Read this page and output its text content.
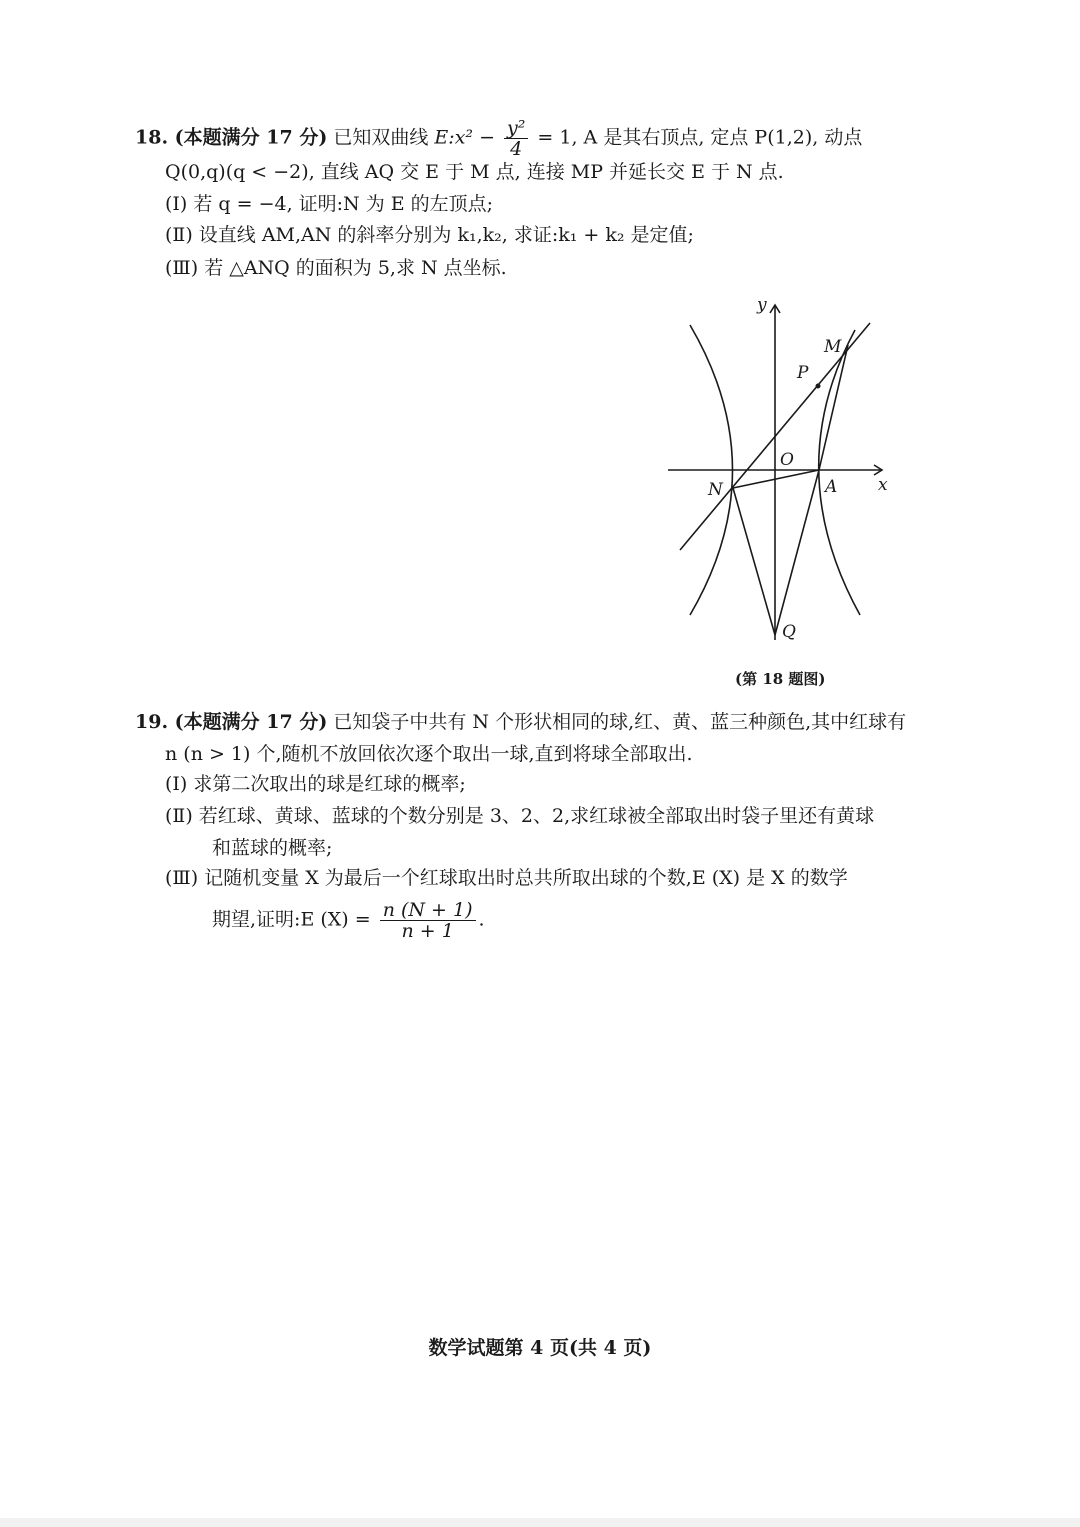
18. (本题满分 17 分) 已知双曲线 E:x² − $\frac{\text{y²}}{4} = 1$, A 是其右顶点, 定点 P(1,2), 动点
Q(0,q)(q < −2), 直线 AQ 交 E 于 M 点, 连接 MP 并延长交 E 于 N 点.
(Ⅰ) 若 q = −4, 证明:N 为 E 的左顶点;
(Ⅱ) 设直线 AM,AN 的斜率分别为 k₁,k₂, 求证:k₁ + k₂ 是定值;
(Ⅲ) 若 △ANQ 的面积为 5,求 N 点坐标.
y
x
M
P
O
N	A
Q
(第 18 题图)
19. (本题满分 17 分) 已知袋子中共有 N 个形状相同的球,红、黄、蓝三种颜色,其中红球有
n (n > 1) 个,随机不放回依次逐个取出一球,直到将球全部取出.
(Ⅰ) 求第二次取出的球是红球的概率;
(Ⅱ) 若红球、黄球、蓝球的个数分别是 3、2、2,求红球被全部取出时袋子里还有黄球
和蓝球的概率;
(Ⅲ) 记随机变量 X 为最后一个红球取出时总共所取出球的个数,E (X) 是 X 的数学
期望,证明:E $(X) = \frac{n (N + 1)}{n + 1}$ .
数学试题第 4 页(共 4 页)
